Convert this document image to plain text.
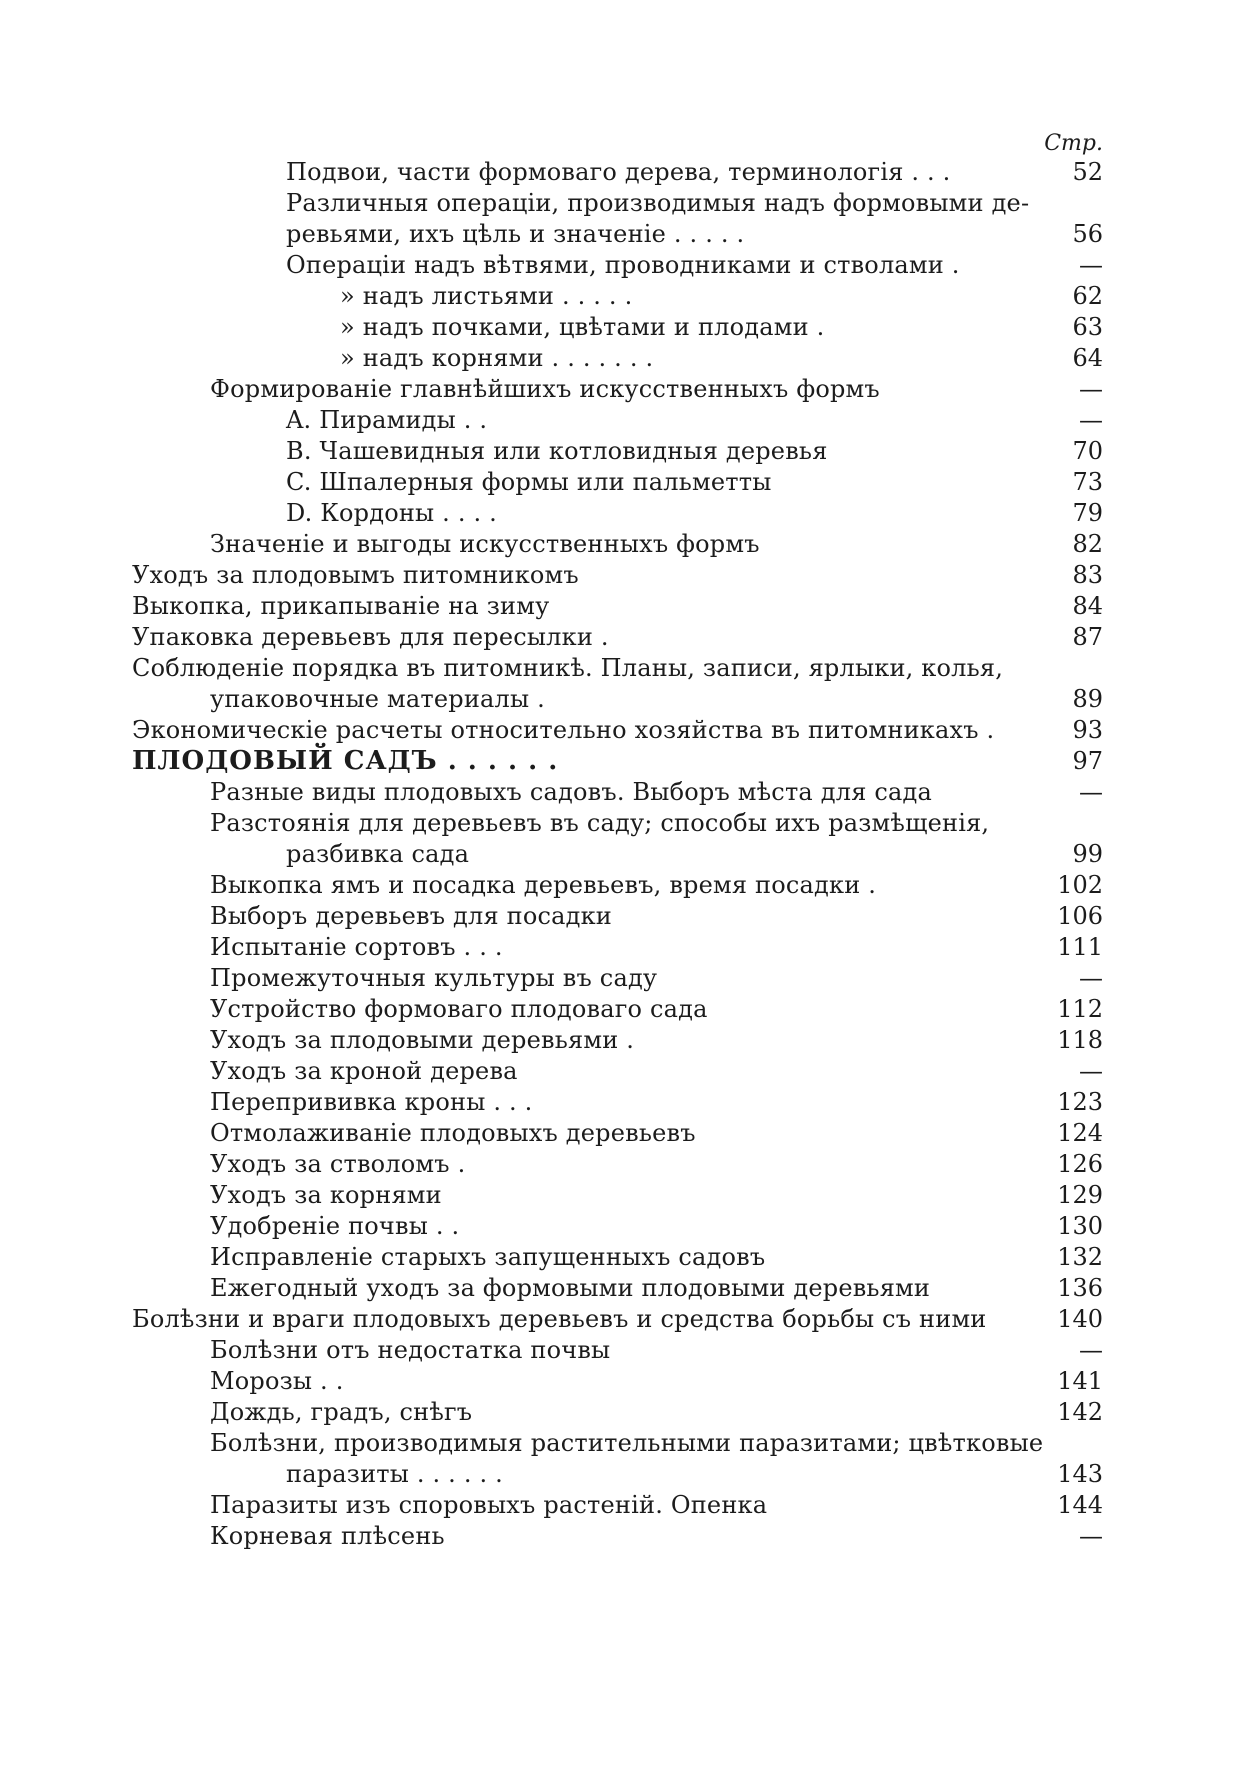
Стр.
Подвои, части формоваго дерева, терминологія . . .	52
Различныя операціи, производимыя надъ формовыми де-
ревьями, ихъ цѣль и значеніе . . . . .	56
Операціи надъ вѣтвями, проводниками и стволами .	—
» надъ листьями . . . . .	62
» надъ почками, цвѣтами и плодами .	63
» надъ корнями . . . . . . .	64
Формированіе главнѣйшихъ искусственныхъ формъ	—
A. Пирамиды . .	—
B. Чашевидныя или котловидныя деревья	70
C. Шпалерныя формы или пальметты	73
D. Кордоны . . . .	79
Значеніе и выгоды искусственныхъ формъ	82
Уходъ за плодовымъ питомникомъ	83
Выкопка, прикапываніе на зиму	84
Упаковка деревьевъ для пересылки .	87
Соблюденіе порядка въ питомникѣ. Планы, записи, ярлыки, колья,
упаковочные материалы .	89
Экономическіе расчеты относительно хозяйства въ питомникахъ .	93
ПЛОДОВЫЙ САДЪ . . . . . .	97
Разные виды плодовыхъ садовъ. Выборъ мѣста для сада	—
Разстоянія для деревьевъ въ саду; способы ихъ размѣщенія,
разбивка сада	99
Выкопка ямъ и посадка деревьевъ, время посадки .	102
Выборъ деревьевъ для посадки	106
Испытаніе сортовъ . . .	111
Промежуточныя культуры въ саду	—
Устройство формоваго плодоваго сада	112
Уходъ за плодовыми деревьями .	118
Уходъ за кроной дерева	—
Перепрививка кроны . . .	123
Отмолаживаніе плодовыхъ деревьевъ	124
Уходъ за стволомъ .	126
Уходъ за корнями	129
Удобреніе почвы . .	130
Исправленіе старыхъ запущенныхъ садовъ	132
Ежегодный уходъ за формовыми плодовыми деревьями	136
Болѣзни и враги плодовыхъ деревьевъ и средства борьбы съ ними	140
Болѣзни отъ недостатка почвы	—
Морозы . .	141
Дождь, градъ, снѣгъ	142
Болѣзни, производимыя растительными паразитами; цвѣтковые
паразиты . . . . . .	143
Паразиты изъ споровыхъ растеній. Опенка	144
Корневая плѣсень	—
